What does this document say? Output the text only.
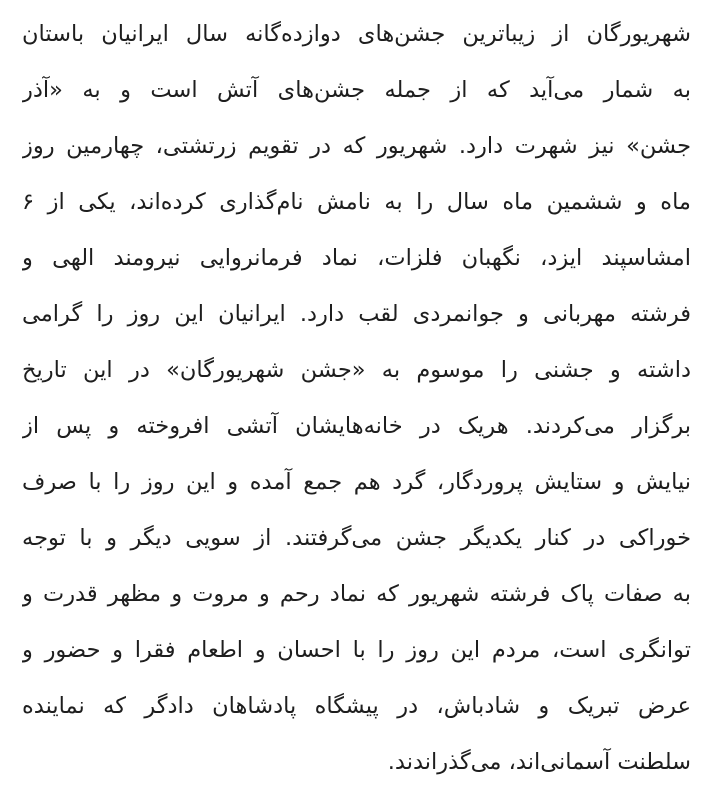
شهریورگان از زیباترین جشن‌های دوازده‌گانه سال ایرانیان باستان
به شمار می‌آید که از جمله جشن‌های آتش است و به «آذر
جشن» نیز شهرت دارد. شهریور که در تقویم زرتشتی، چهارمین روز
ماه و ششمین ماه سال را به نامش نام‌گذاری کرده‌اند، یکی از ۶
امشاسپند ایزد، نگهبان فلزات، نماد فرمانروایی نیرومند الهی و
فرشته مهربانی و جوانمردی لقب دارد. ایرانیان این روز را گرامی
داشته و جشنی را موسوم به «جشن شهریورگان» در این تاریخ
برگزار می‌کردند. هریک در خانه‌هایشان آتشی افروخته و پس از
نیایش و ستایش پروردگار، گرد هم جمع آمده و این روز را با صرف
خوراکی در کنار یکدیگر جشن می‌گرفتند. از سویی دیگر و با توجه
به صفات پاک فرشته شهریور که نماد رحم و مروت و مظهر قدرت و
توانگری است، مردم این روز را با احسان و اطعام فقرا و حضور و
عرض تبریک و شادباش، در پیشگاه پادشاهان دادگر که نماینده
سلطنت آسمانی‌اند، می‌گذراندند.
